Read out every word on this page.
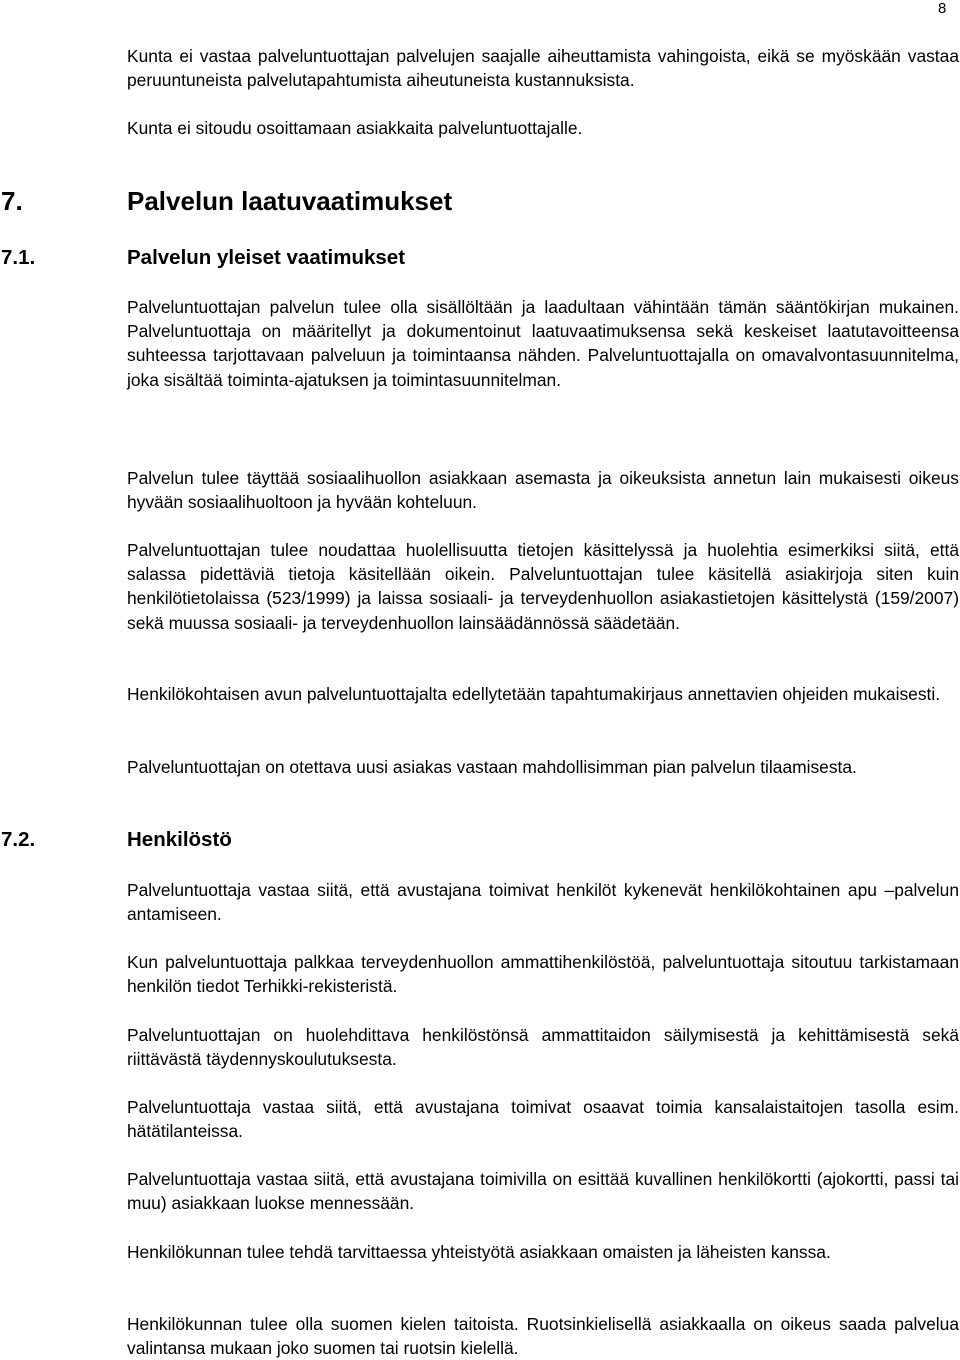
8

Kunta ei vastaa palveluntuottajan palvelujen saajalle aiheuttamista vahingoista, eikä se myöskään vastaa peruuntuneista palvelutapahtumista aiheutuneista kustannuksista.

Kunta ei sitoudu osoittamaan asiakkaita palveluntuottajalle.

7.	Palvelun laatuvaatimukset
7.1.	Palvelun yleiset vaatimukset

Palveluntuottajan palvelun tulee olla sisällöltään ja laadultaan vähintään tämän sääntökirjan mukainen. Palveluntuottaja on määritellyt ja dokumentoinut laatuvaatimuksensa sekä keskeiset laatutavoitteensa suhteessa tarjottavaan palveluun ja toimintaansa nähden. Palveluntuottajalla on omavalvontasuunnitelma, joka sisältää toiminta-ajatuksen ja toimintasuunnitelman.

Palvelun tulee täyttää sosiaalihuollon asiakkaan asemasta ja oikeuksista annetun lain mukaisesti oikeus hyvään sosiaalihuoltoon ja hyvään kohteluun.

Palveluntuottajan tulee noudattaa huolellisuutta tietojen käsittelyssä ja huolehtia esimerkiksi siitä, että salassa pidettäviä tietoja käsitellään oikein. Palveluntuottajan tulee käsitellä asiakirjoja siten kuin henkilötietolaissa (523/1999) ja laissa sosiaali- ja terveydenhuollon asiakastietojen käsittelystä (159/2007) sekä muussa sosiaali- ja terveydenhuollon lainsäädännössä säädetään.

Henkilökohtaisen avun palveluntuottajalta edellytetään tapahtumakirjaus annettavien ohjeiden mukaisesti.

Palveluntuottajan on otettava uusi asiakas vastaan mahdollisimman pian palvelun tilaamisesta.

7.2.	Henkilöstö

Palveluntuottaja vastaa siitä, että avustajana toimivat henkilöt kykenevät henkilökohtainen apu –palvelun antamiseen.

Kun palveluntuottaja palkkaa terveydenhuollon ammattihenkilöstöä, palveluntuottaja sitoutuu tarkistamaan henkilön tiedot Terhikki-rekisteristä.

Palveluntuottajan on huolehdittava henkilöstönsä ammattitaidon säilymisestä ja kehittämisestä sekä riittävästä täydennyskoulutuksesta.

Palveluntuottaja vastaa siitä, että avustajana toimivat osaavat toimia kansalaistaitojen tasolla esim. hätätilanteissa.

Palveluntuottaja vastaa siitä, että avustajana toimivilla on esittää kuvallinen henkilökortti (ajokortti, passi tai muu) asiakkaan luokse mennessään.

Henkilökunnan tulee tehdä tarvittaessa yhteistyötä asiakkaan omaisten ja läheisten kanssa.

Henkilökunnan tulee olla suomen kielen taitoista. Ruotsinkielisellä asiakkaalla on oikeus saada palvelua valintansa mukaan joko suomen tai ruotsin kielellä.
